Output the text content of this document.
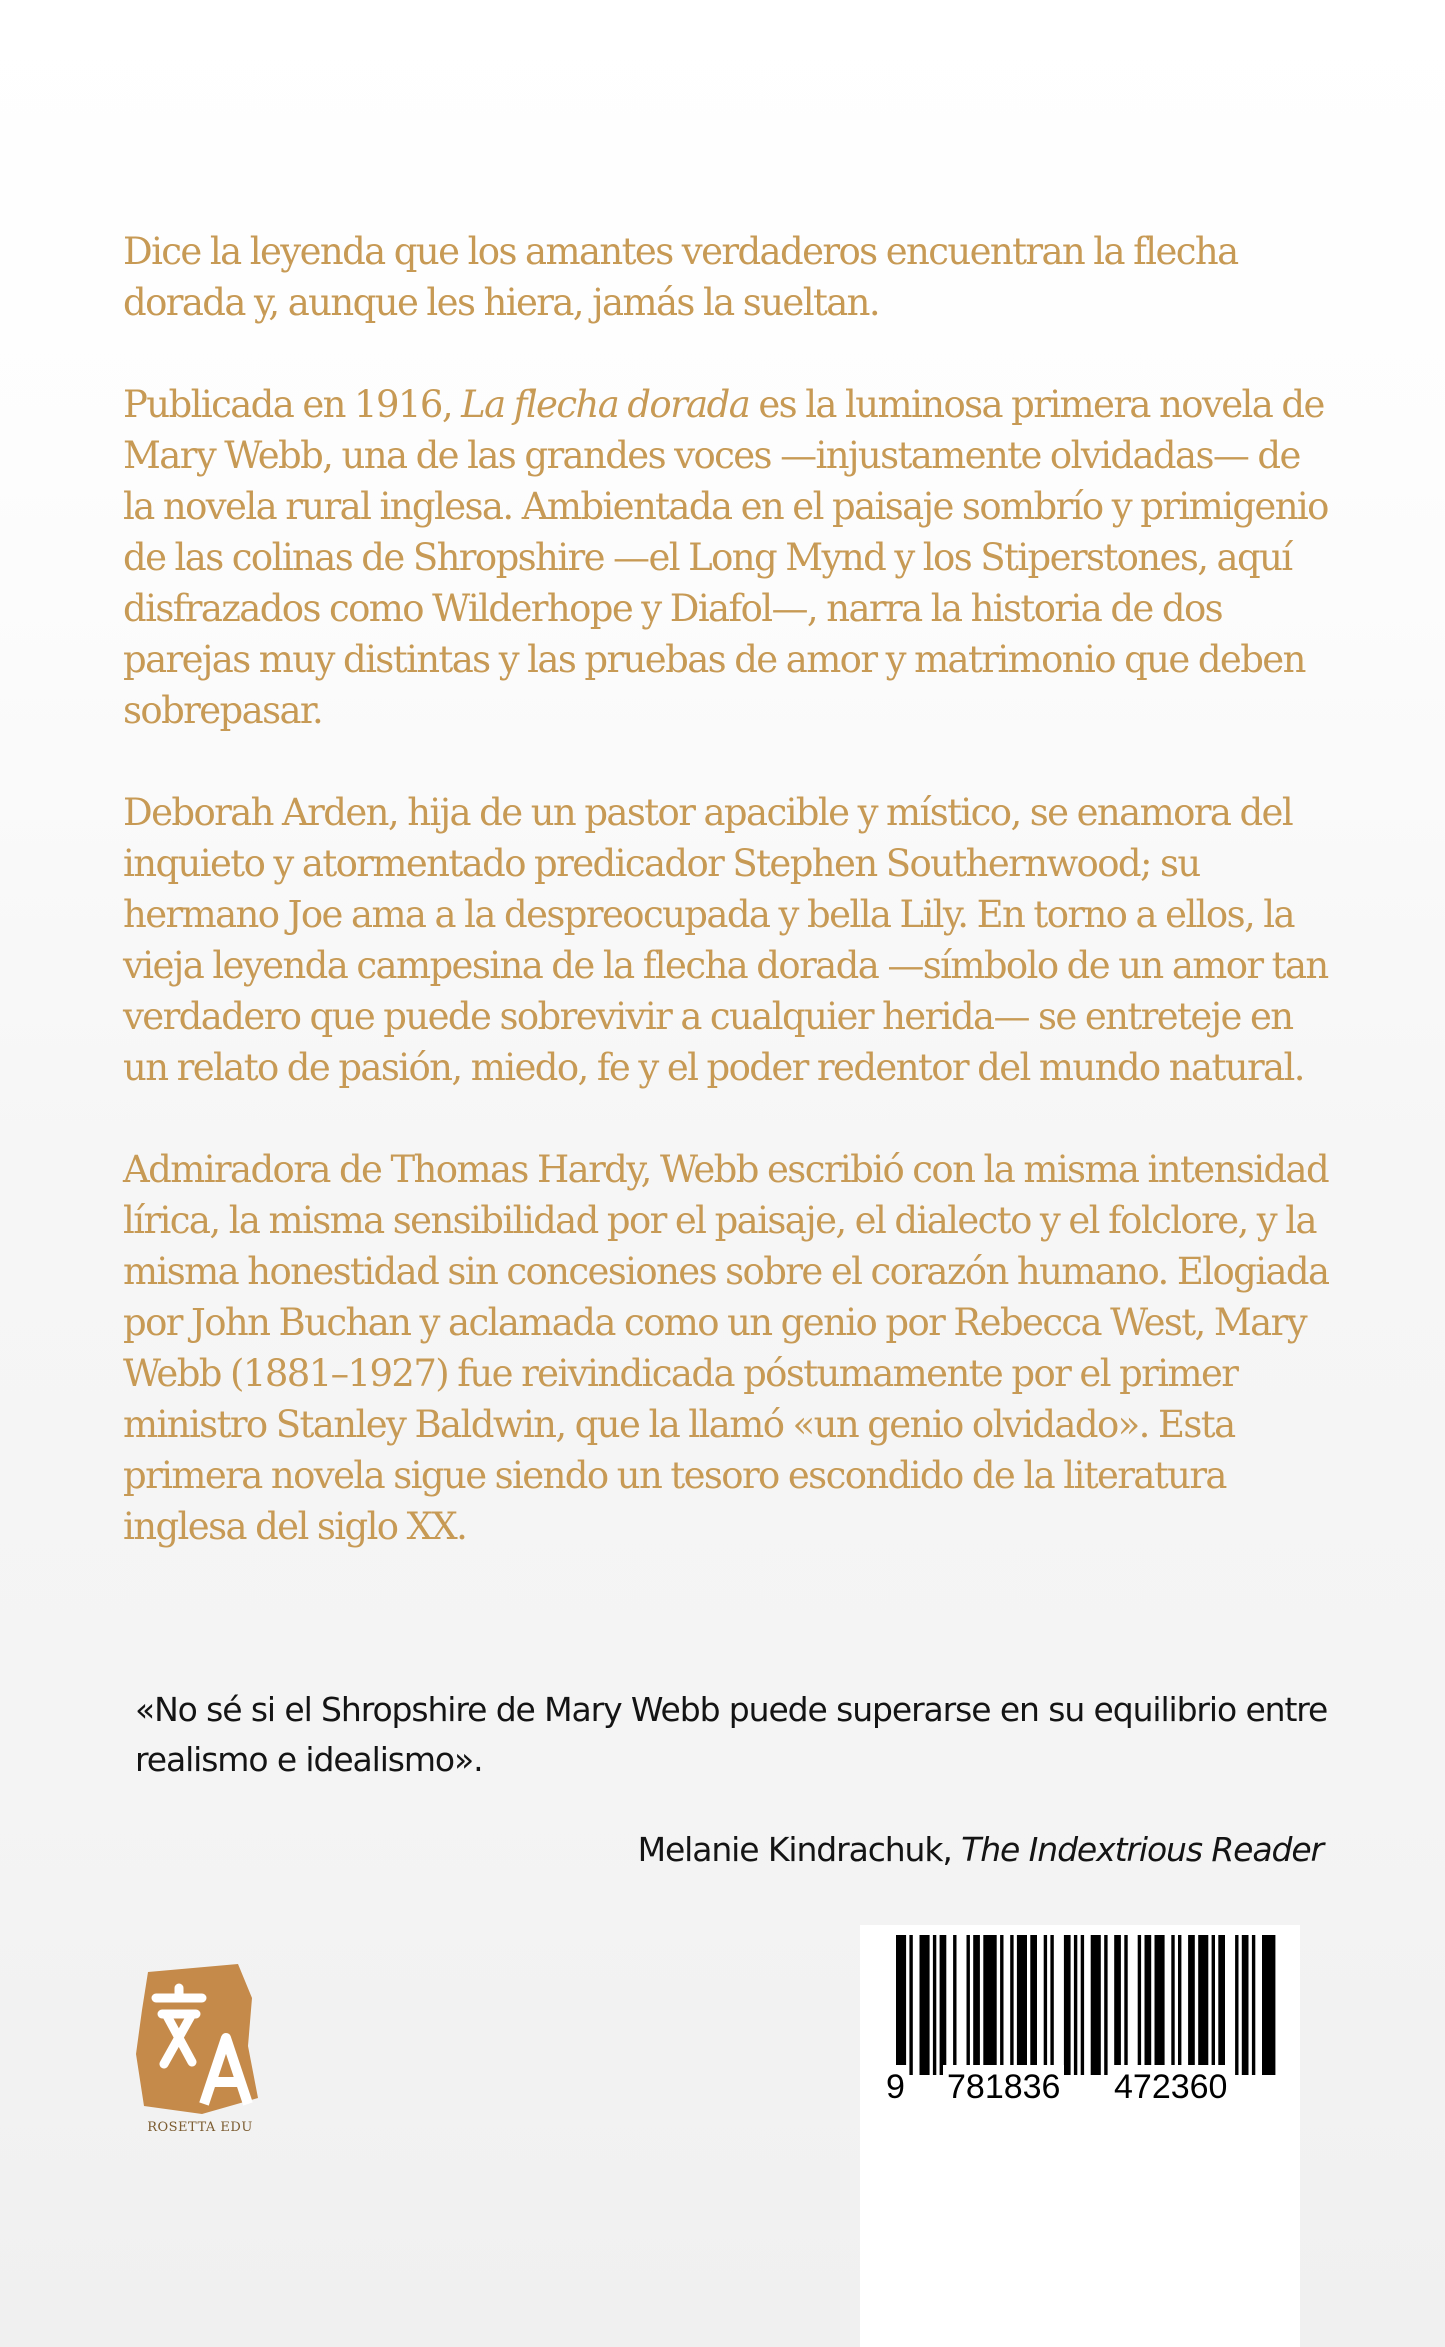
Dice la leyenda que los amantes verdaderos encuentran la flecha dorada y, aunque les hiera, jamás la sueltan.

Publicada en 1916, La flecha dorada es la luminosa primera novela de Mary Webb, una de las grandes voces —injustamente olvidadas— de la novela rural inglesa. Ambientada en el paisaje sombrío y primigenio de las colinas de Shropshire —el Long Mynd y los Stiperstones, aquí disfrazados como Wilderhope y Diafol—, narra la historia de dos parejas muy distintas y las pruebas de amor y matrimonio que deben sobrepasar.

Deborah Arden, hija de un pastor apacible y místico, se enamora del inquieto y atormentado predicador Stephen Southernwood; su hermano Joe ama a la despreocupada y bella Lily. En torno a ellos, la vieja leyenda campesina de la flecha dorada —símbolo de un amor tan verdadero que puede sobrevivir a cualquier herida— se entreteje en un relato de pasión, miedo, fe y el poder redentor del mundo natural.

Admiradora de Thomas Hardy, Webb escribió con la misma intensidad lírica, la misma sensibilidad por el paisaje, el dialecto y el folclore, y la misma honestidad sin concesiones sobre el corazón humano. Elogiada por John Buchan y aclamada como un genio por Rebecca West, Mary Webb (1881–1927) fue reivindicada póstumamente por el primer ministro Stanley Baldwin, que la llamó «un genio olvidado». Esta primera novela sigue siendo un tesoro escondido de la literatura inglesa del siglo XX.

«No sé si el Shropshire de Mary Webb puede superarse en su equilibrio entre realismo e idealismo».
Melanie Kindrachuk, The Indextrious Reader
ROSETTA EDU
9 781836 472360
